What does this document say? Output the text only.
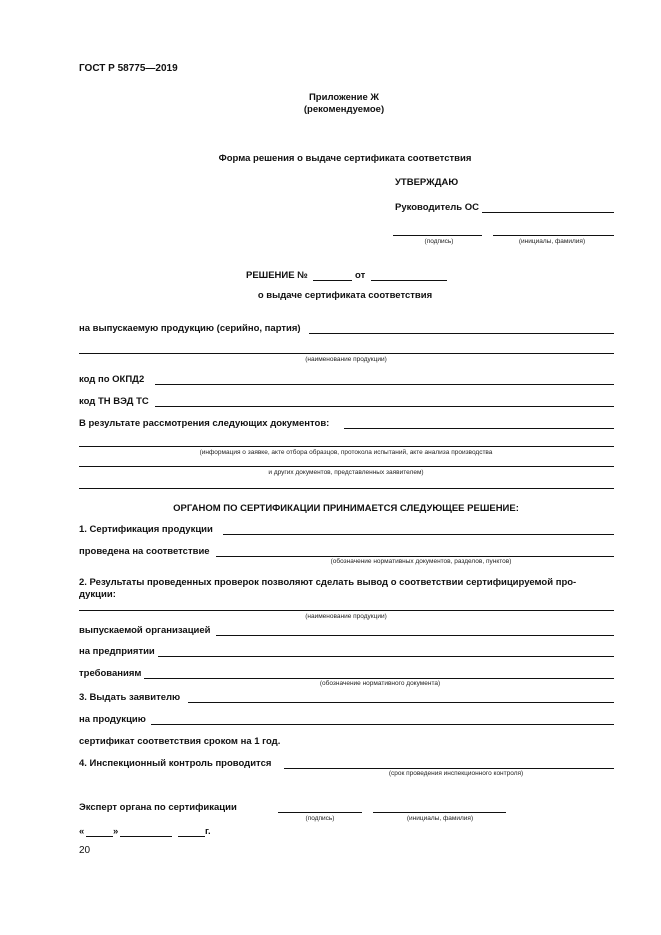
ГОСТ Р 58775—2019
Приложение Ж
(рекомендуемое)
Форма решения о выдаче сертификата соответствия
УТВЕРЖДАЮ
Руководитель ОС
(подпись)	(инициалы, фамилия)
РЕШЕНИЕ №	от
о выдаче сертификата соответствия
на выпускаемую продукцию (серийно, партия)
(наименование продукции)
код по ОКПД2
код ТН ВЭД ТС
В результате рассмотрения следующих документов:
(информация о заявке, акте отбора образцов, протокола испытаний, акте анализа производства
и других документов, представленных заявителем)
ОРГАНОМ ПО СЕРТИФИКАЦИИ ПРИНИМАЕТСЯ СЛЕДУЮЩЕЕ РЕШЕНИЕ:
1. Сертификация продукции
проведена на соответствие
(обозначение нормативных документов, разделов, пунктов)
2. Результаты проведенных проверок позволяют сделать вывод о соответствии сертифицируемой про-
дукции:
(наименование продукции)
выпускаемой организацией
на предприятии
требованиям
(обозначение нормативного документа)
3. Выдать заявителю
на продукцию
сертификат соответствия сроком на 1 год.
4. Инспекционный контроль проводится
(срок проведения инспекционного контроля)
Эксперт органа по сертификации
(подпись)	(инициалы, фамилия)
«	»	г.
20
